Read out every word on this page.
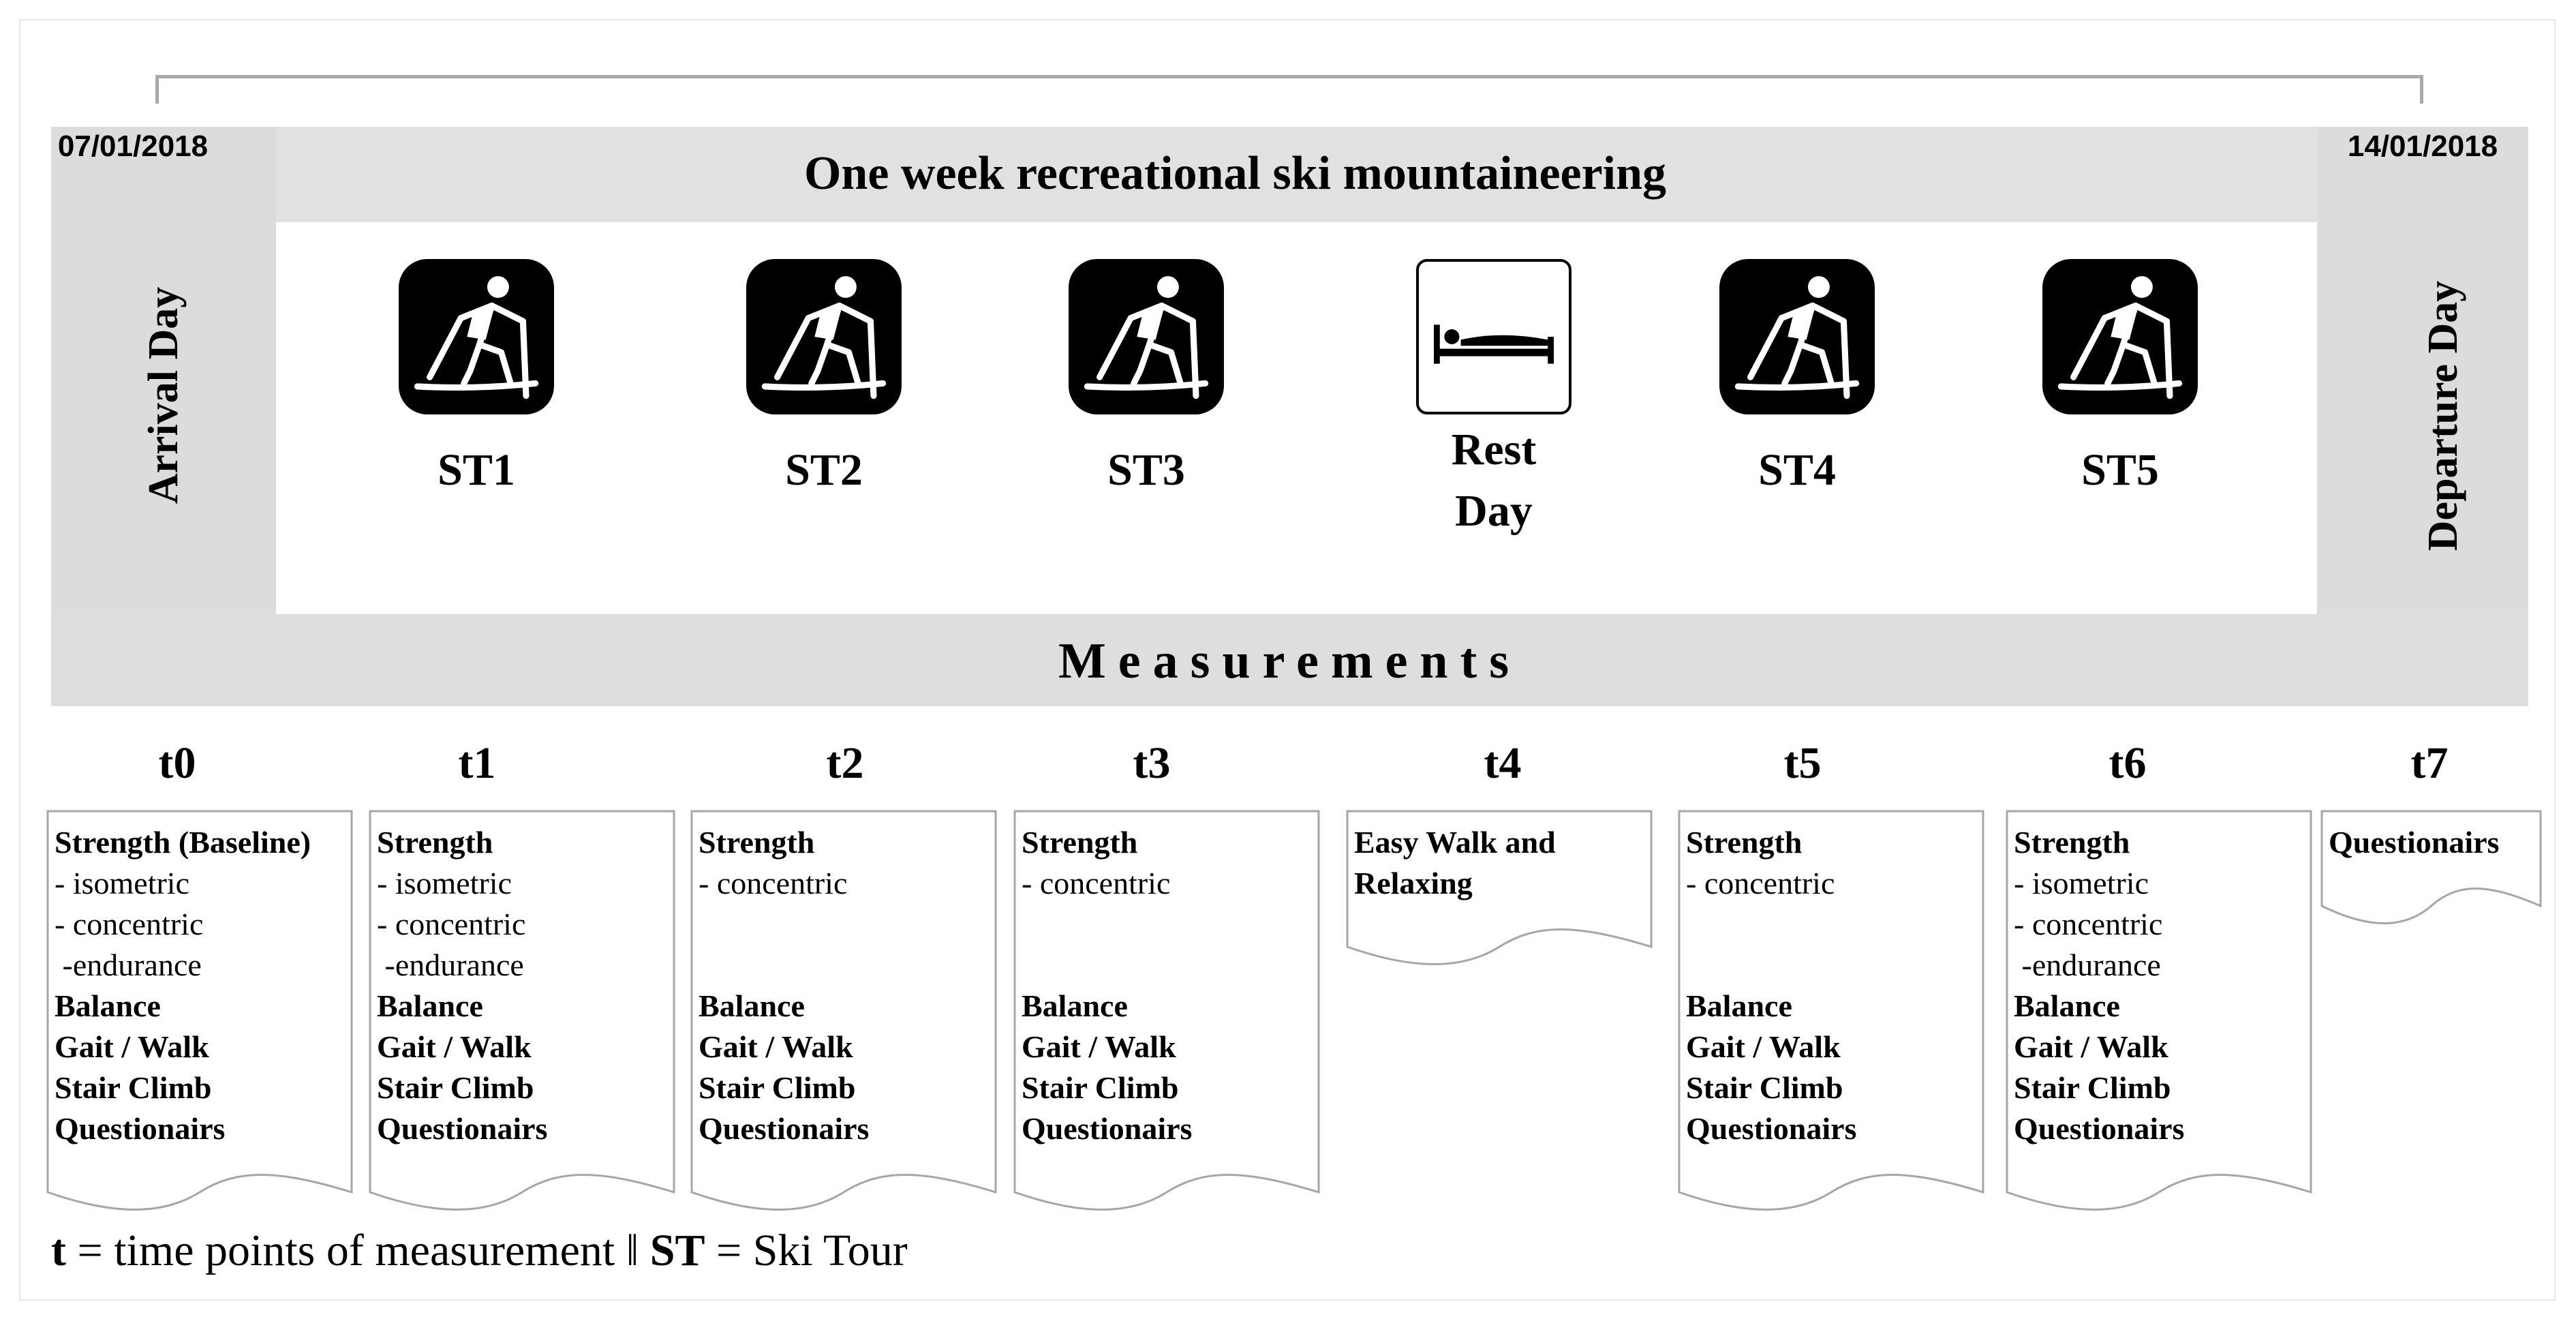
07/01/2018
Arrival Day
14/01/2018
Departure Day
One week recreational ski mountaineering
ST1	ST2	ST3	Rest
Day
ST4	ST5
Measurements
t0
Strength (Baseline)
- isometric
- concentric
-endurance
Balance
Gait / Walk
Stair Climb
Questionairs
t1
Strength
- isometric
- concentric
-endurance
Balance
Gait / Walk
Stair Climb
Questionairs
t2
Strength
- concentric
Balance
Gait / Walk
Stair Climb
Questionairs
t3
Strength
- concentric
Balance
Gait / Walk
Stair Climb
Questionairs
t4
Easy Walk and
Relaxing
t5
Strength
- concentric
Balance
Gait / Walk
Stair Climb
Questionairs
t6
Strength
- isometric
- concentric
-endurance
Balance
Gait / Walk
Stair Climb
Questionairs
t7
Questionairs
t = time points of measurement ǁ ST = Ski Tour
